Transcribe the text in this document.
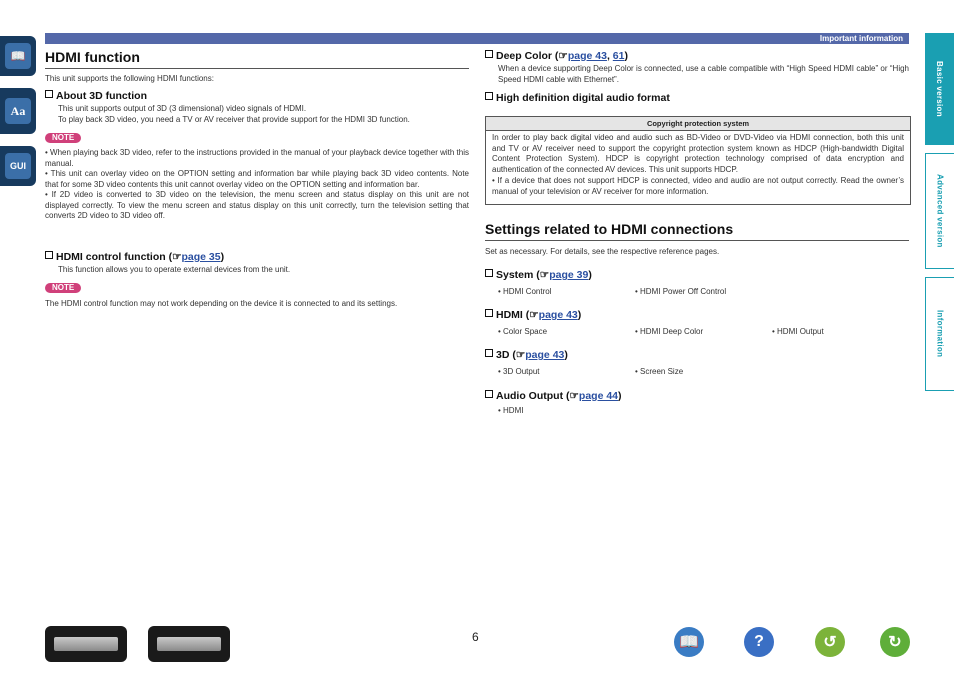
Important information
📖
Aa
GUI
Basic version
Advanced version
Information
HDMI function
This unit supports the following HDMI functions:
About 3D function
This unit supports output of 3D (3 dimensional) video signals of HDMI.
To play back 3D video, you need a TV or AV receiver that provide support for the HDMI 3D function.
NOTE
• When playing back 3D video, refer to the instructions provided in the manual of your playback device together with this manual.
• This unit can overlay video on the OPTION setting and information bar while playing back 3D video contents. Note that for some 3D video contents this unit cannot overlay video on the OPTION setting and information bar.
• If 2D video is converted to 3D video on the television, the menu screen and status display on this unit are not displayed correctly. To view the menu screen and status display on this unit correctly, turn the television setting that converts 2D video to 3D video off.
HDMI control function (☞page 35)
This function allows you to operate external devices from the unit.
NOTE
The HDMI control function may not work depending on the device it is connected to and its settings.
Deep Color (☞page 43, 61)
When a device supporting Deep Color is connected, use a cable compatible with “High Speed HDMI cable” or “High Speed HDMI cable with Ethernet”.
High definition digital audio format
Copyright protection system
In order to play back digital video and audio such as BD-Video or DVD-Video via HDMI connection, both this unit and TV or AV receiver need to support the copyright protection system known as HDCP (High-bandwidth Digital Content Protection System). HDCP is copyright protection technology comprised of data encryption and authentication of the connected AV devices. This unit supports HDCP.
• If a device that does not support HDCP is connected, video and audio are not output correctly. Read the owner’s manual of your television or AV receiver for more information.
Settings related to HDMI connections
Set as necessary. For details, see the respective reference pages.
System (☞page 39)
• HDMI Control	• HDMI Power Off Control
HDMI (☞page 43)
• Color Space	• HDMI Deep Color	• HDMI Output
3D (☞page 43)
• 3D Output	• Screen Size
Audio Output (☞page 44)
• HDMI
6	📖	?	↺	↻
